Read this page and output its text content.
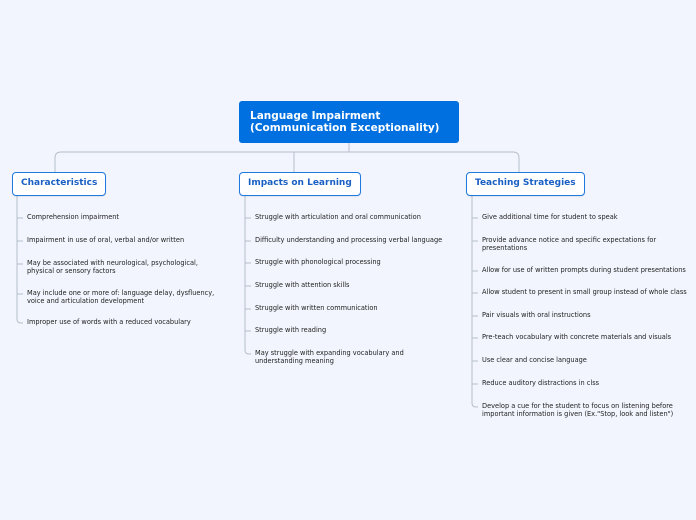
Language Impairment
(Communication Exceptionality)
Characteristics	Impacts on Learning	Teaching Strategies
Comprehension impairment
Impairment in use of oral, verbal and/or written
May be associated with neurological, psychological, physical or sensory factors
May include one or more of: language delay, dysfluency, voice and articulation development
Improper use of words with a reduced vocabulary
Struggle with articulation and oral communication
Difficulty understanding and processing verbal language
Struggle with phonological processing
Struggle with attention skills
Struggle with written communication
Struggle with reading
May struggle with expanding vocabulary and understanding meaning
Give additional time for student to speak
Provide advance notice and specific expectations for presentations
Allow for use of written prompts during student presentations
Allow student to present in small group instead of whole class
Pair visuals with oral instructions
Pre-teach vocabulary with concrete materials and visuals
Use clear and concise language
Reduce auditory distractions in clss
Develop a cue for the student to focus on listening before important information is given (Ex."Stop, look and listen")
